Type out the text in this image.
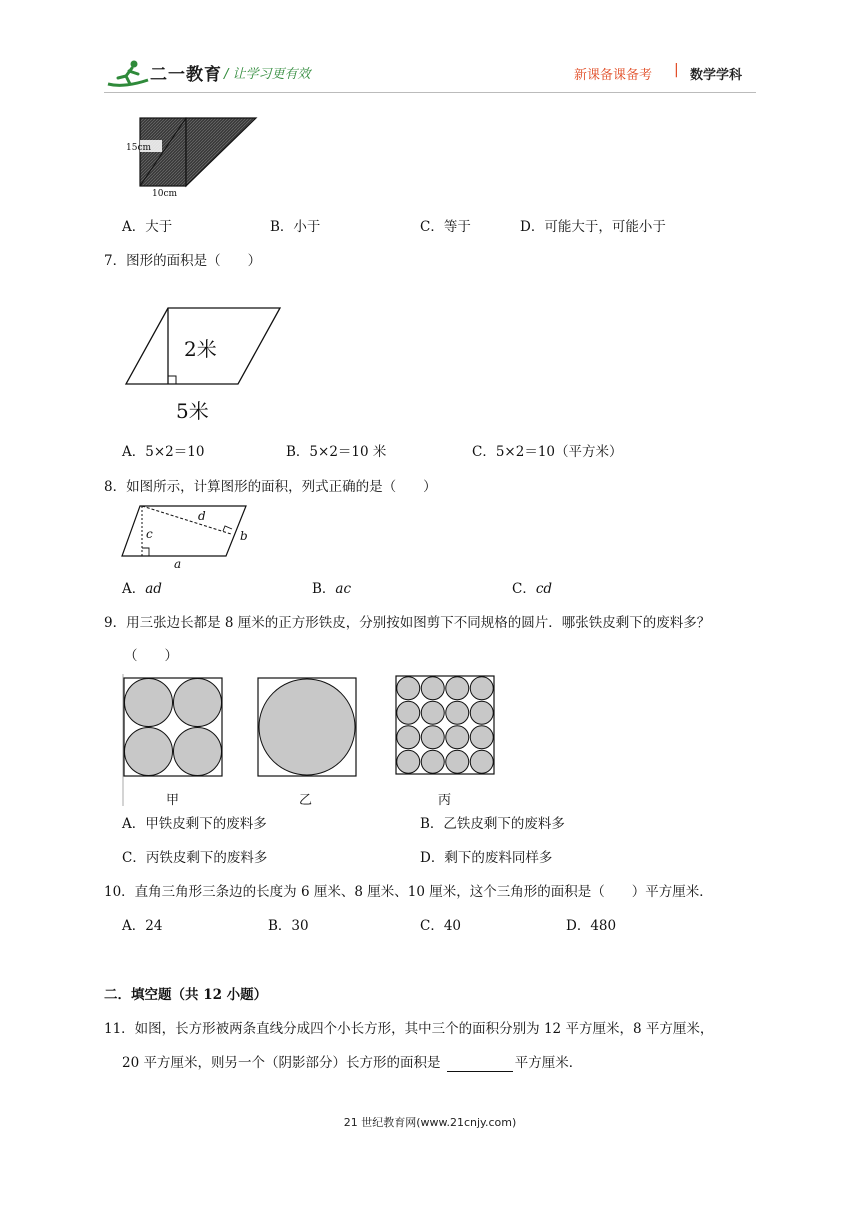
二一教育 / 让学习更有效	新课备课备考 | 数学学科
15cm
10cm
A．大于	B．小于	C．等于	D．可能大于，可能小于
7．图形的面积是（　　）
2米
5米
A．5×2＝10	B．5×2＝10 米	C．5×2＝10（平方米）
8．如图所示，计算图形的面积，列式正确的是（　　）
d
c	b
a
A．ad	B．ac	C．cd
9．用三张边长都是 8 厘米的正方形铁皮，分别按如图剪下不同规格的圆片．哪张铁皮剩下的废料多？
（　　）
甲	乙	丙
A．甲铁皮剩下的废料多	B．乙铁皮剩下的废料多
C．丙铁皮剩下的废料多	D．剩下的废料同样多
10．直角三角形三条边的长度为 6 厘米、8 厘米、10 厘米，这个三角形的面积是（　　）平方厘米．
A．24	B．30	C．40	D．480
二．填空题（共 12 小题）
11．如图，长方形被两条直线分成四个小长方形，其中三个的面积分别为 12 平方厘米，8 平方厘米，
20 平方厘米，则另一个（阴影部分）长方形的面积是	平方厘米．
21 世纪教育网(www.21cnjy.com)
